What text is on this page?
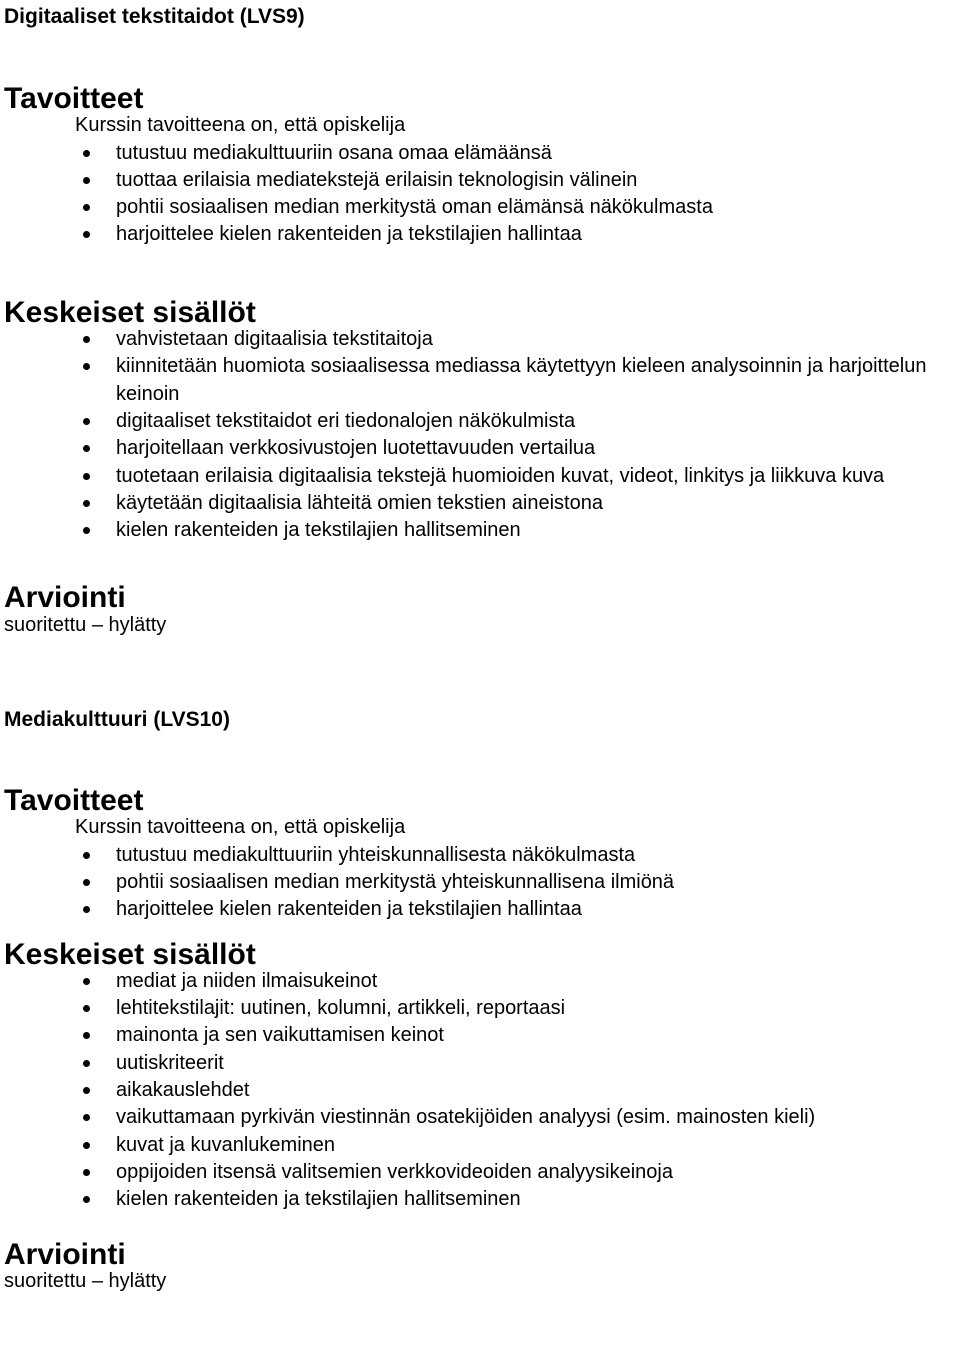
Digitaaliset tekstitaidot (LVS9)
Tavoitteet

Kurssin tavoitteena on, että opiskelija

tutustuu mediakulttuuriin osana omaa elämäänsä
tuottaa erilaisia mediatekstejä erilaisin teknologisin välinein
pohtii sosiaalisen median merkitystä oman elämänsä näkökulmasta
harjoittelee kielen rakenteiden ja tekstilajien hallintaa
Keskeiset sisällöt
vahvistetaan digitaalisia tekstitaitoja
kiinnitetään huomiota sosiaalisessa mediassa käytettyyn kieleen analysoinnin ja harjoittelun keinoin
digitaaliset tekstitaidot eri tiedonalojen näkökulmista
harjoitellaan verkkosivustojen luotettavuuden vertailua
tuotetaan erilaisia digitaalisia tekstejä huomioiden kuvat, videot, linkitys ja liikkuva kuva
käytetään digitaalisia lähteitä omien tekstien aineistona
kielen rakenteiden ja tekstilajien hallitseminen
Arviointi

suoritettu – hylätty

Mediakulttuuri (LVS10)
Tavoitteet

Kurssin tavoitteena on, että opiskelija

tutustuu mediakulttuuriin yhteiskunnallisesta näkökulmasta
pohtii sosiaalisen median merkitystä yhteiskunnallisena ilmiönä
harjoittelee kielen rakenteiden ja tekstilajien hallintaa
Keskeiset sisällöt
mediat ja niiden ilmaisukeinot
lehtitekstilajit: uutinen, kolumni, artikkeli, reportaasi
mainonta ja sen vaikuttamisen keinot
uutiskriteerit
aikakauslehdet
vaikuttamaan pyrkivän viestinnän osatekijöiden analyysi (esim. mainosten kieli)
kuvat ja kuvanlukeminen
oppijoiden itsensä valitsemien verkkovideoiden analyysikeinoja
kielen rakenteiden ja tekstilajien hallitseminen
Arviointi

suoritettu – hylätty
